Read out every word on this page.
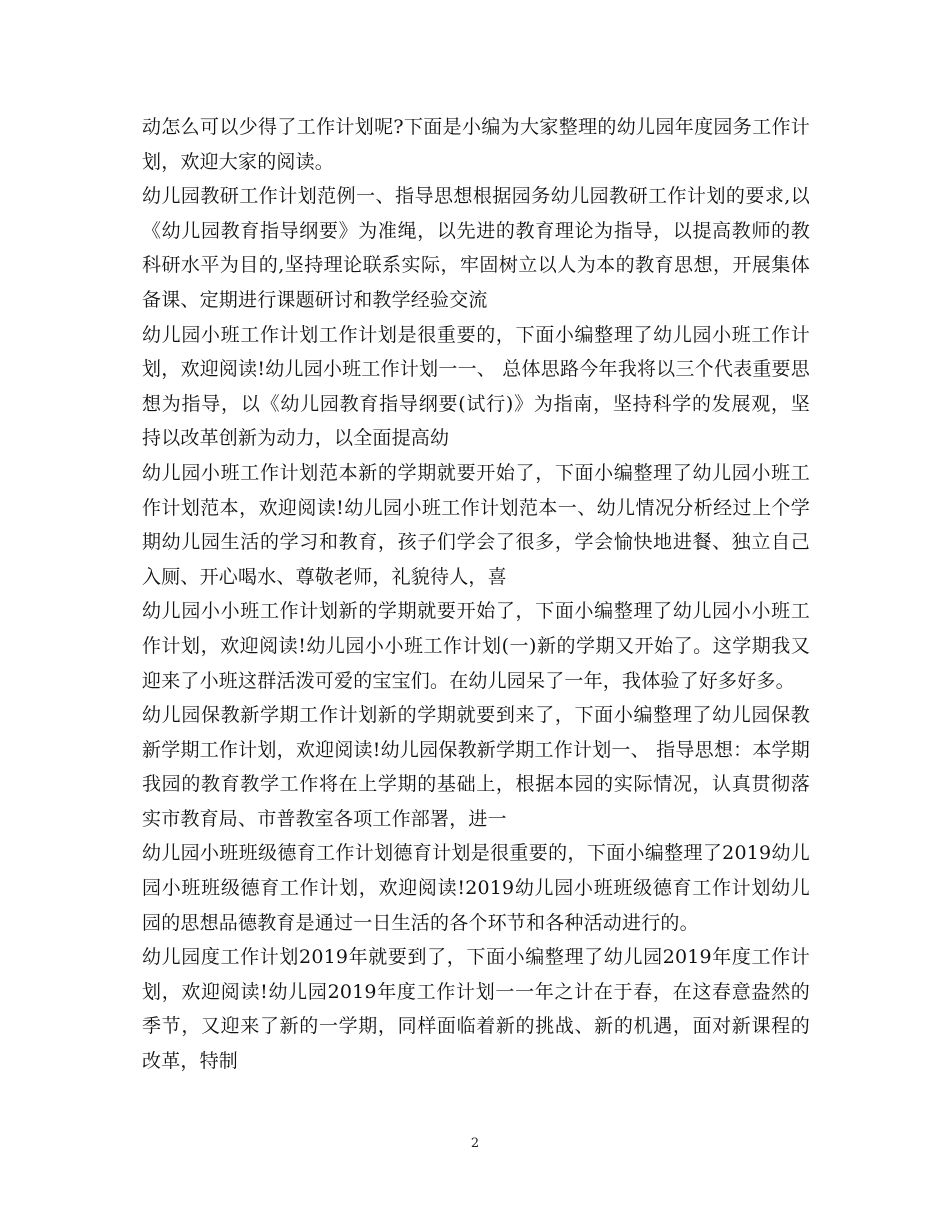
动怎么可以少得了工作计划呢?下面是小编为大家整理的幼儿园年度园务工作计划，欢迎大家的阅读。

幼儿园教研工作计划范例一、指导思想根据园务幼儿园教研工作计划的要求,以《幼儿园教育指导纲要》为准绳，以先进的教育理论为指导，以提高教师的教科研水平为目的,坚持理论联系实际，牢固树立以人为本的教育思想，开展集体备课、定期进行课题研讨和教学经验交流

幼儿园小班工作计划工作计划是很重要的，下面小编整理了幼儿园小班工作计划，欢迎阅读!幼儿园小班工作计划一一、 总体思路今年我将以三个代表重要思想为指导，以《幼儿园教育指导纲要(试行)》为指南，坚持科学的发展观，坚持以改革创新为动力，以全面提高幼

幼儿园小班工作计划范本新的学期就要开始了，下面小编整理了幼儿园小班工作计划范本，欢迎阅读!幼儿园小班工作计划范本一、幼儿情况分析经过上个学期幼儿园生活的学习和教育，孩子们学会了很多，学会愉快地进餐、独立自己入厕、开心喝水、尊敬老师，礼貌待人，喜

幼儿园小小班工作计划新的学期就要开始了，下面小编整理了幼儿园小小班工作计划，欢迎阅读!幼儿园小小班工作计划(一)新的学期又开始了。这学期我又迎来了小班这群活泼可爱的宝宝们。在幼儿园呆了一年，我体验了好多好多。

幼儿园保教新学期工作计划新的学期就要到来了，下面小编整理了幼儿园保教新学期工作计划，欢迎阅读!幼儿园保教新学期工作计划一、 指导思想：本学期我园的教育教学工作将在上学期的基础上，根据本园的实际情况，认真贯彻落实市教育局、市普教室各项工作部署，进一

幼儿园小班班级德育工作计划德育计划是很重要的，下面小编整理了2019幼儿园小班班级德育工作计划，欢迎阅读!2019幼儿园小班班级德育工作计划幼儿园的思想品德教育是通过一日生活的各个环节和各种活动进行的。

幼儿园度工作计划2019年就要到了，下面小编整理了幼儿园2019年度工作计划，欢迎阅读!幼儿园2019年度工作计划一一年之计在于春，在这春意盎然的季节，又迎来了新的一学期，同样面临着新的挑战、新的机遇，面对新课程的改革，特制

2
